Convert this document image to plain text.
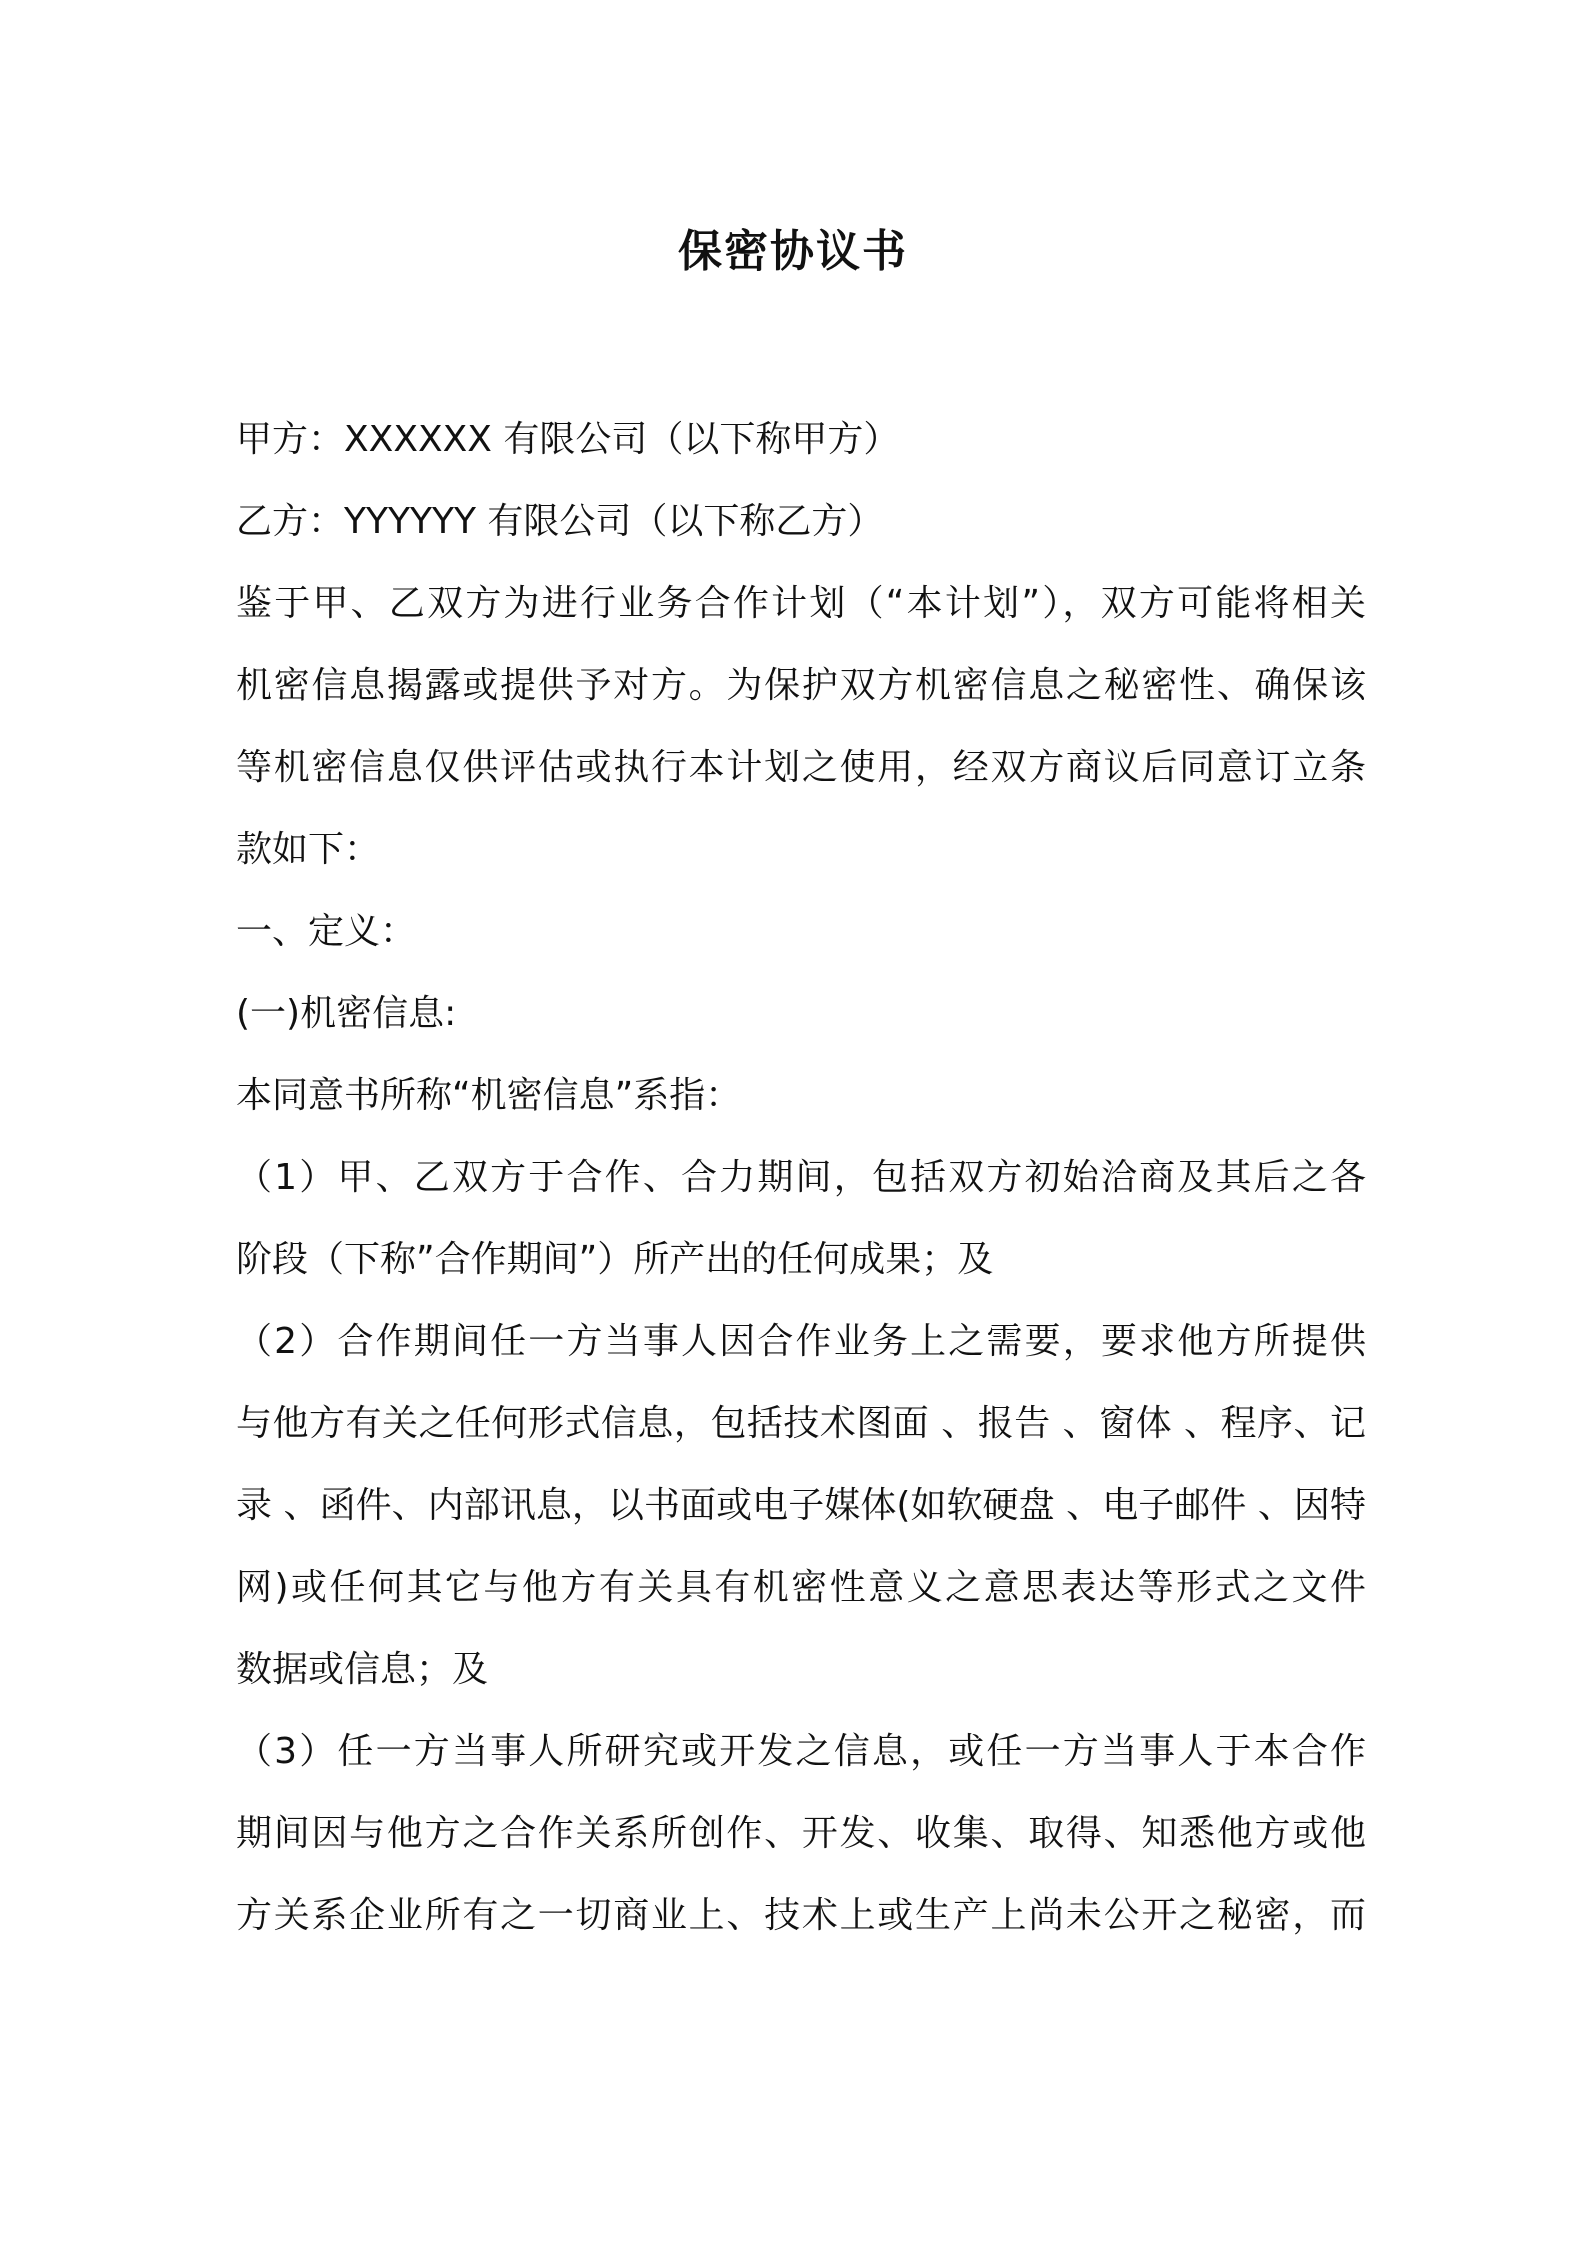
保密协议书

甲方：XXXXXX 有限公司（以下称甲方）

乙方：YYYYYY 有限公司（以下称乙方）

鉴于甲、乙双方为进行业务合作计划（“本计划”），双方可能将相关

机密信息揭露或提供予对方。为保护双方机密信息之秘密性、确保该

等机密信息仅供评估或执行本计划之使用，经双方商议后同意订立条

款如下：

一、定义：

(一)机密信息:

本同意书所称“机密信息”系指：

（1）甲、乙双方于合作、合力期间，包括双方初始洽商及其后之各

阶段（下称”合作期间”）所产出的任何成果；及

（2）合作期间任一方当事人因合作业务上之需要，要求他方所提供

与他方有关之任何形式信息，包括技术图面 、报告 、窗体 、程序、记

录 、函件、内部讯息，以书面或电子媒体(如软硬盘 、电子邮件 、因特

网)或任何其它与他方有关具有机密性意义之意思表达等形式之文件

数据或信息；及

（3）任一方当事人所研究或开发之信息，或任一方当事人于本合作

期间因与他方之合作关系所创作、开发、收集、取得、知悉他方或他

方关系企业所有之一切商业上、技术上或生产上尚未公开之秘密，而
